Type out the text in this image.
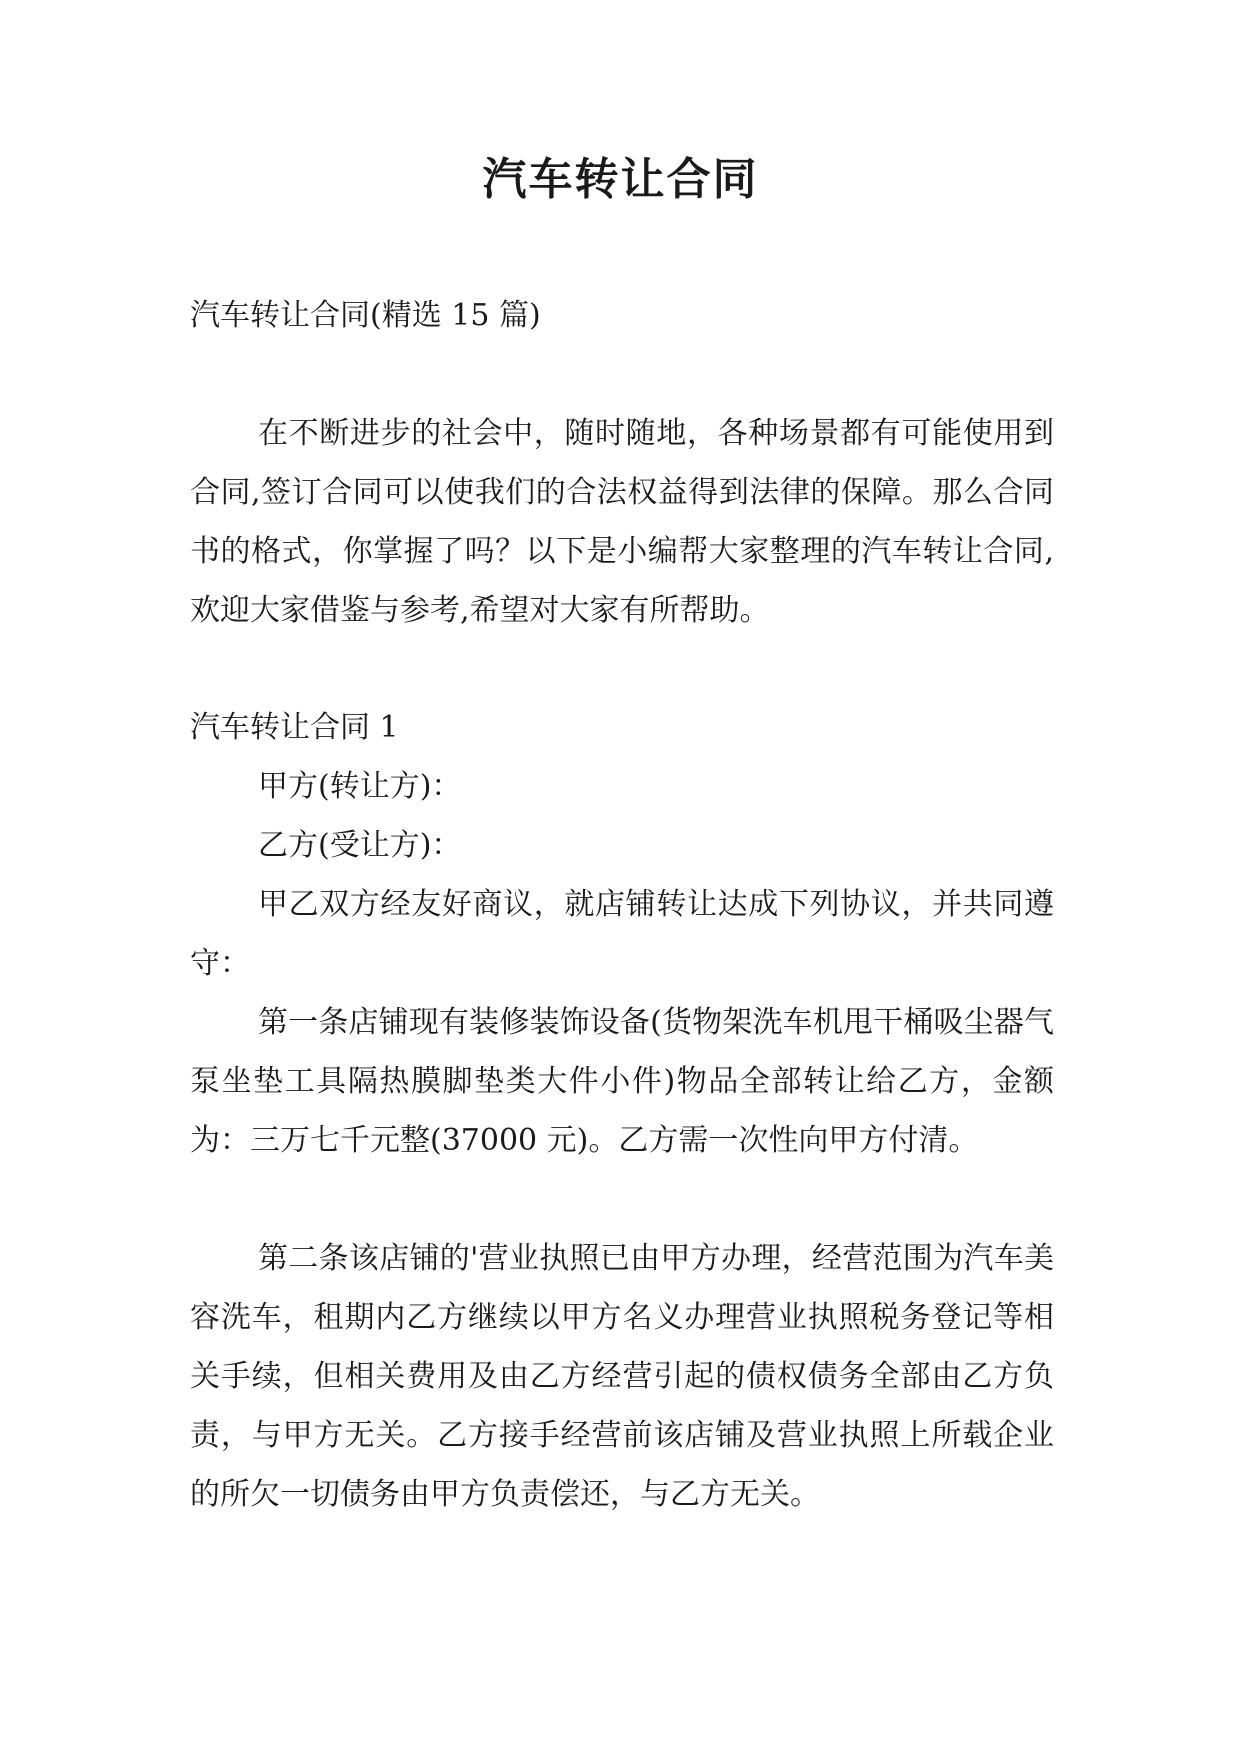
汽车转让合同

汽车转让合同(精选 15 篇)

在不断进步的社会中，随时随地，各种场景都有可能使用到合同,签订合同可以使我们的合法权益得到法律的保障。那么合同书的格式，你掌握了吗？以下是小编帮大家整理的汽车转让合同,欢迎大家借鉴与参考,希望对大家有所帮助。

汽车转让合同 1

甲方(转让方)：

乙方(受让方)：

甲乙双方经友好商议，就店铺转让达成下列协议，并共同遵守：

第一条店铺现有装修装饰设备(货物架洗车机甩干桶吸尘器气泵坐垫工具隔热膜脚垫类大件小件)物品全部转让给乙方，金额为：三万七千元整(37000 元)。乙方需一次性向甲方付清。

第二条该店铺的'营业执照已由甲方办理，经营范围为汽车美容洗车，租期内乙方继续以甲方名义办理营业执照税务登记等相关手续，但相关费用及由乙方经营引起的债权债务全部由乙方负责，与甲方无关。乙方接手经营前该店铺及营业执照上所载企业的所欠一切债务由甲方负责偿还，与乙方无关。
